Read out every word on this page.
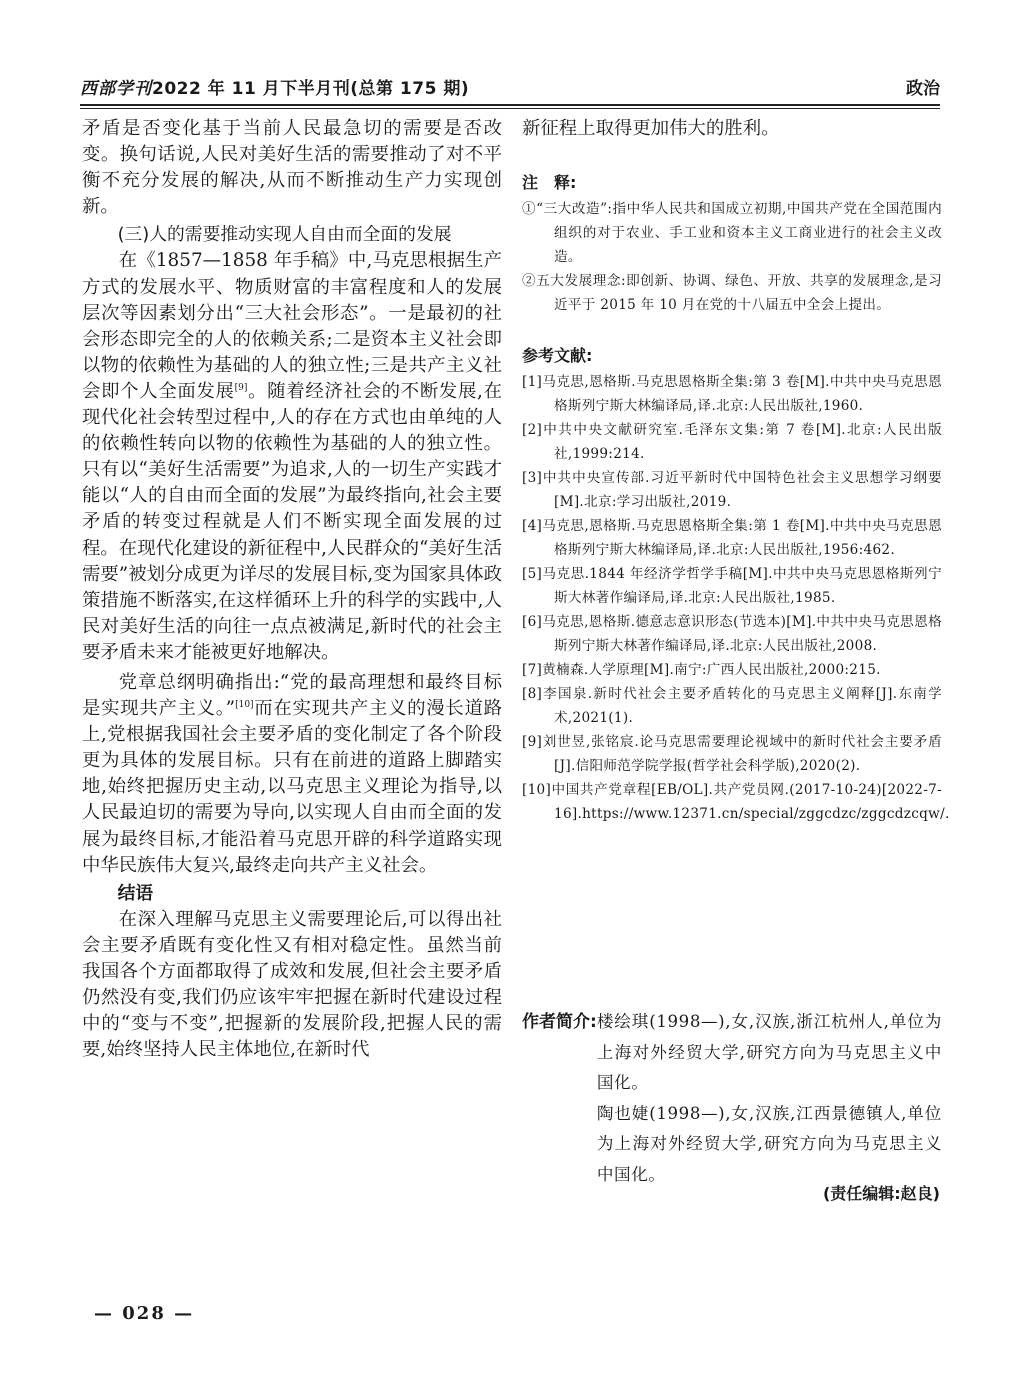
西部学刊2022 年 11 月下半月刊(总第 175 期)	政治

矛盾是否变化基于当前人民最急切的需要是否改变。换句话说,人民对美好生活的需要推动了对不平衡不充分发展的解决,从而不断推动生产力实现创新。

(三)人的需要推动实现人自由而全面的发展

在《1857—1858 年手稿》中,马克思根据生产方式的发展水平、物质财富的丰富程度和人的发展层次等因素划分出“三大社会形态”。一是最初的社会形态即完全的人的依赖关系;二是资本主义社会即以物的依赖性为基础的人的独立性;三是共产主义社会即个人全面发展[9]。随着经济社会的不断发展,在现代化社会转型过程中,人的存在方式也由单纯的人的依赖性转向以物的依赖性为基础的人的独立性。只有以“美好生活需要”为追求,人的一切生产实践才能以“人的自由而全面的发展”为最终指向,社会主要矛盾的转变过程就是人们不断实现全面发展的过程。在现代化建设的新征程中,人民群众的“美好生活需要”被划分成更为详尽的发展目标,变为国家具体政策措施不断落实,在这样循环上升的科学的实践中,人民对美好生活的向往一点点被满足,新时代的社会主要矛盾未来才能被更好地解决。

党章总纲明确指出:“党的最高理想和最终目标是实现共产主义。”[10]而在实现共产主义的漫长道路上,党根据我国社会主要矛盾的变化制定了各个阶段更为具体的发展目标。只有在前进的道路上脚踏实地,始终把握历史主动,以马克思主义理论为指导,以人民最迫切的需要为导向,以实现人自由而全面的发展为最终目标,才能沿着马克思开辟的科学道路实现中华民族伟大复兴,最终走向共产主义社会。

结语

在深入理解马克思主义需要理论后,可以得出社会主要矛盾既有变化性又有相对稳定性。虽然当前我国各个方面都取得了成效和发展,但社会主要矛盾仍然没有变,我们仍应该牢牢把握在新时代建设过程中的“变与不变”,把握新的发展阶段,把握人民的需要,始终坚持人民主体地位,在新时代

新征程上取得更加伟大的胜利。

注　释:

①“三大改造”:指中华人民共和国成立初期,中国共产党在全国范围内组织的对于农业、手工业和资本主义工商业进行的社会主义改造。

②五大发展理念:即创新、协调、绿色、开放、共享的发展理念,是习近平于 2015 年 10 月在党的十八届五中全会上提出。

参考文献:

[1]马克思,恩格斯.马克思恩格斯全集:第 3 卷[M].中共中央马克思恩格斯列宁斯大林编译局,译.北京:人民出版社,1960.

[2]中共中央文献研究室.毛泽东文集:第 7 卷[M].北京:人民出版社,1999:214.

[3]中共中央宣传部.习近平新时代中国特色社会主义思想学习纲要[M].北京:学习出版社,2019.

[4]马克思,恩格斯.马克思恩格斯全集:第 1 卷[M].中共中央马克思恩格斯列宁斯大林编译局,译.北京:人民出版社,1956:462.

[5]马克思.1844 年经济学哲学手稿[M].中共中央马克思恩格斯列宁斯大林著作编译局,译.北京:人民出版社,1985.

[6]马克思,恩格斯.德意志意识形态(节选本)[M].中共中央马克思恩格斯列宁斯大林著作编译局,译.北京:人民出版社,2008.

[7]黄楠森.人学原理[M].南宁:广西人民出版社,2000:215.

[8]李国泉.新时代社会主要矛盾转化的马克思主义阐释[J].东南学术,2021(1).

[9]刘世昱,张铭宸.论马克思需要理论视域中的新时代社会主要矛盾[J].信阳师范学院学报(哲学社会科学版),2020(2).

[10]中国共产党章程[EB/OL].共产党员网.(2017-10-24)[2022-7-16].https://www.12371.cn/special/zggcdzc/zggcdzcqw/.

作者简介: 楼绘琪(1998—),女,汉族,浙江杭州人,单位为上海对外经贸大学,研究方向为马克思主义中国化。

陶也婕(1998—),女,汉族,江西景德镇人,单位为上海对外经贸大学,研究方向为马克思主义中国化。

(责任编辑:赵良)
— 028 —
